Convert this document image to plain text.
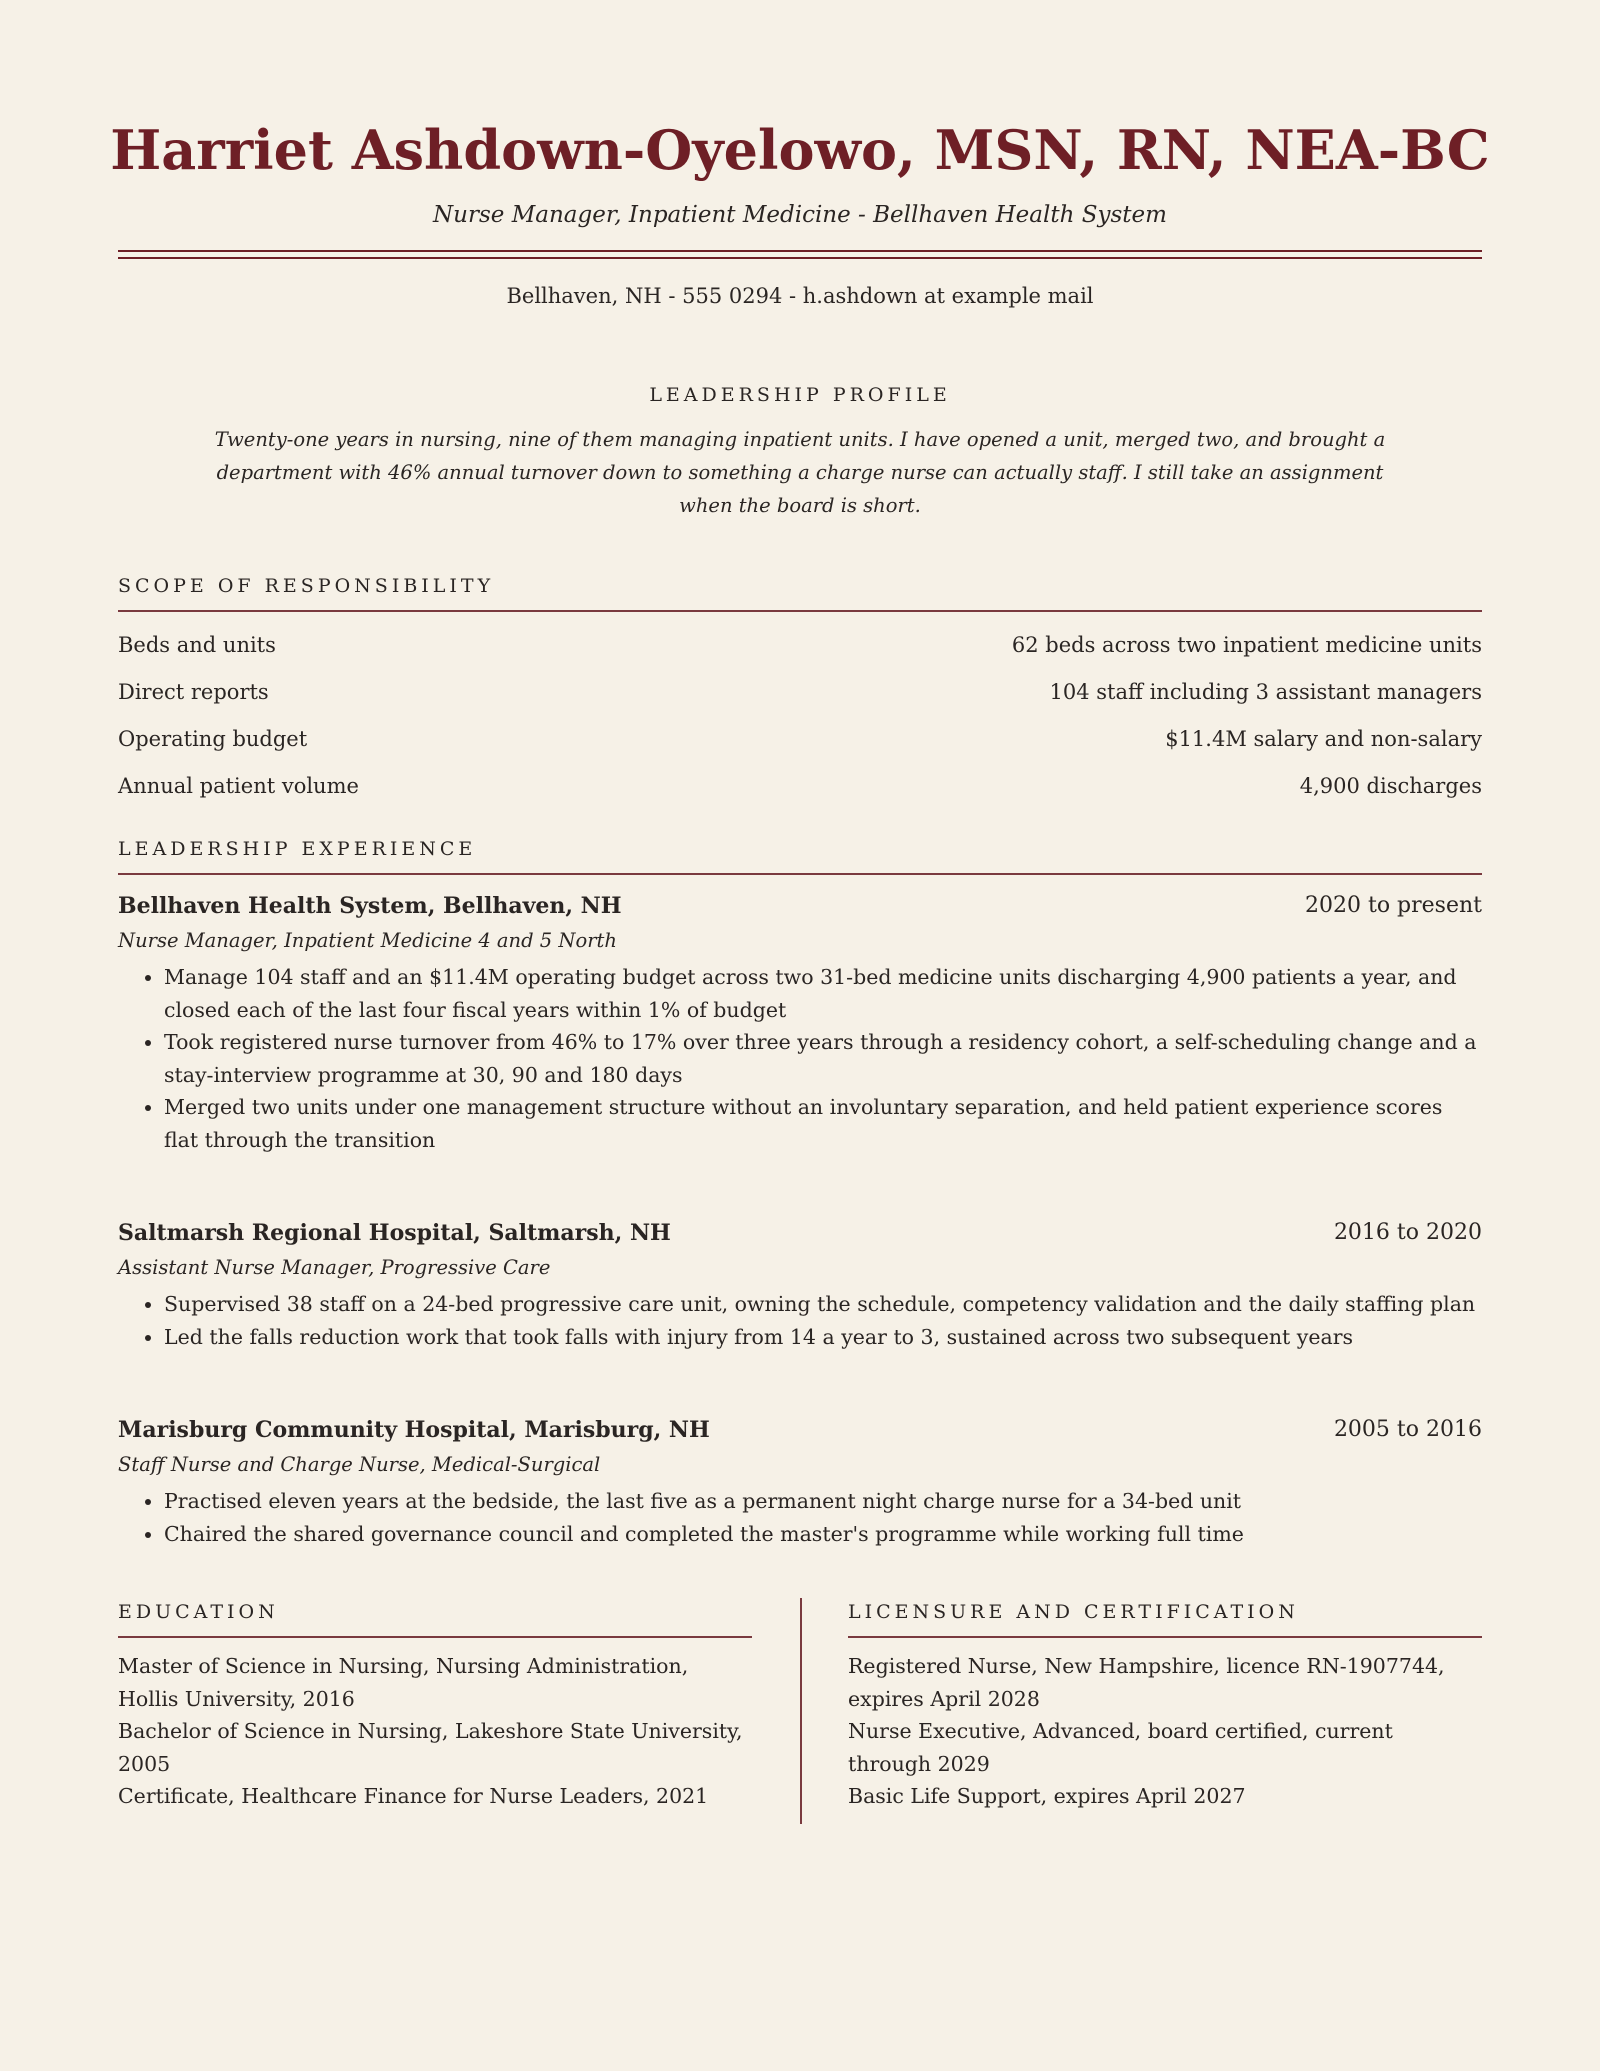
Harriet Ashdown-Oyelowo, MSN, RN, NEA-BC
Nurse Manager, Inpatient Medicine - Bellhaven Health System
Bellhaven, NH - 555 0294 - h.ashdown at example mail
LEADERSHIP PROFILE
Twenty-one years in nursing, nine of them managing inpatient units. I have opened a unit, merged two, and brought a department with 46% annual turnover down to something a charge nurse can actually staff. I still take an assignment when the board is short.
SCOPE OF RESPONSIBILITY
Beds and units	62 beds across two inpatient medicine units
Direct reports	104 staff including 3 assistant managers
Operating budget	$11.4M salary and non-salary
Annual patient volume	4,900 discharges
LEADERSHIP EXPERIENCE
Bellhaven Health System, Bellhaven, NH	2020 to present
Nurse Manager, Inpatient Medicine 4 and 5 North
• Manage 104 staff and an $11.4M operating budget across two 31-bed medicine units discharging 4,900 patients a year, and closed each of the last four fiscal years within 1% of budget
• Took registered nurse turnover from 46% to 17% over three years through a residency cohort, a self-scheduling change and a stay-interview programme at 30, 90 and 180 days
• Merged two units under one management structure without an involuntary separation, and held patient experience scores flat through the transition
Saltmarsh Regional Hospital, Saltmarsh, NH	2016 to 2020
Assistant Nurse Manager, Progressive Care
• Supervised 38 staff on a 24-bed progressive care unit, owning the schedule, competency validation and the daily staffing plan
• Led the falls reduction work that took falls with injury from 14 a year to 3, sustained across two subsequent years
Marisburg Community Hospital, Marisburg, NH	2005 to 2016
Staff Nurse and Charge Nurse, Medical-Surgical
• Practised eleven years at the bedside, the last five as a permanent night charge nurse for a 34-bed unit
• Chaired the shared governance council and completed the master's programme while working full time
EDUCATION
Master of Science in Nursing, Nursing Administration, Hollis University, 2016
Bachelor of Science in Nursing, Lakeshore State University, 2005
Certificate, Healthcare Finance for Nurse Leaders, 2021
LICENSURE AND CERTIFICATION
Registered Nurse, New Hampshire, licence RN-1907744, expires April 2028
Nurse Executive, Advanced, board certified, current through 2029
Basic Life Support, expires April 2027
